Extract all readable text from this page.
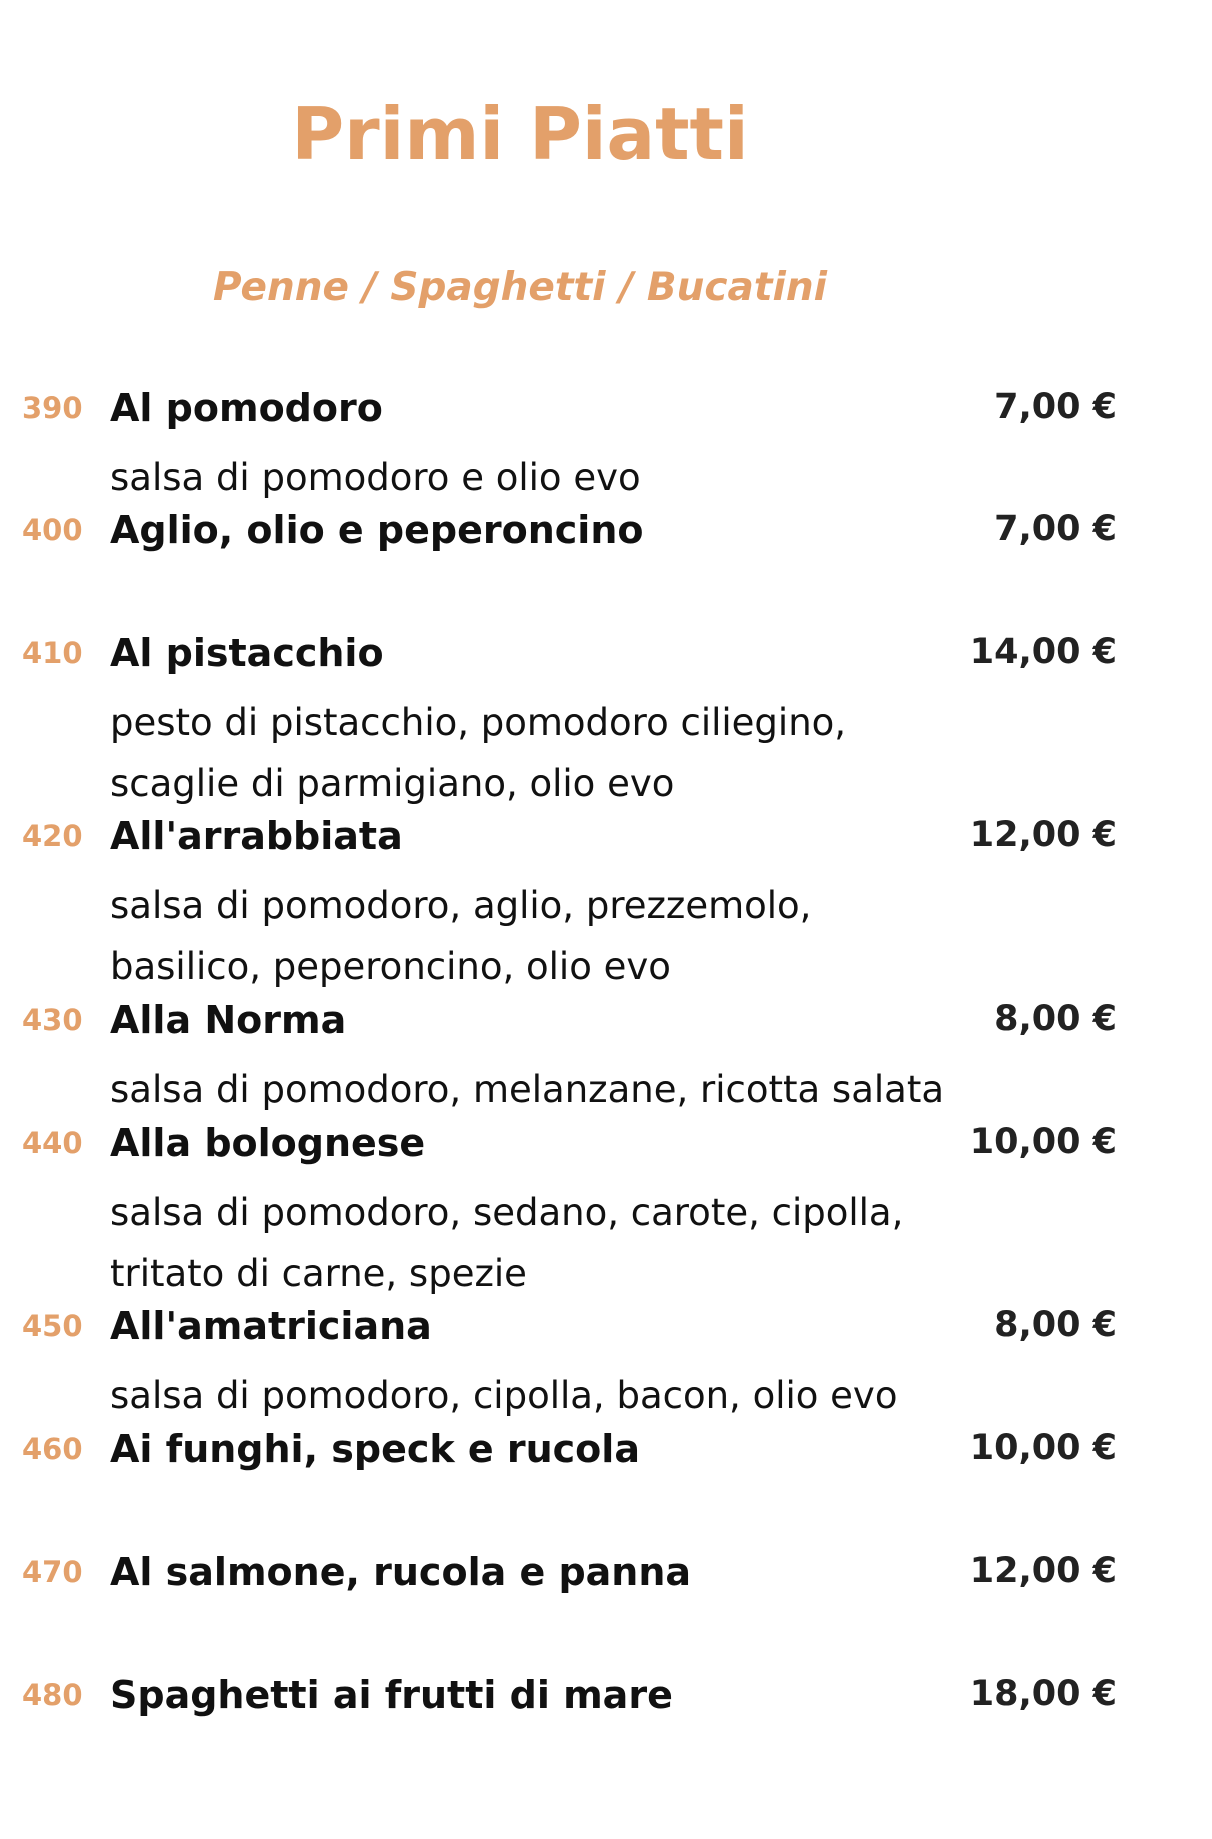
Primi Piatti
Penne / Spaghetti / Bucatini
390 Al pomodoro	7,00 €
salsa di pomodoro e olio evo
400 Aglio, olio e peperoncino	7,00 €
410 Al pistacchio	14,00 €
pesto di pistacchio, pomodoro ciliegino,
scaglie di parmigiano, olio evo
420 All'arrabbiata	12,00 €
salsa di pomodoro, aglio, prezzemolo,
basilico, peperoncino, olio evo
430 Alla Norma	8,00 €
salsa di pomodoro, melanzane, ricotta salata
440 Alla bolognese	10,00 €
salsa di pomodoro, sedano, carote, cipolla,
tritato di carne, spezie
450 All'amatriciana	8,00 €
salsa di pomodoro, cipolla, bacon, olio evo
460 Ai funghi, speck e rucola	10,00 €
470 Al salmone, rucola e panna	12,00 €
480 Spaghetti ai frutti di mare	18,00 €
